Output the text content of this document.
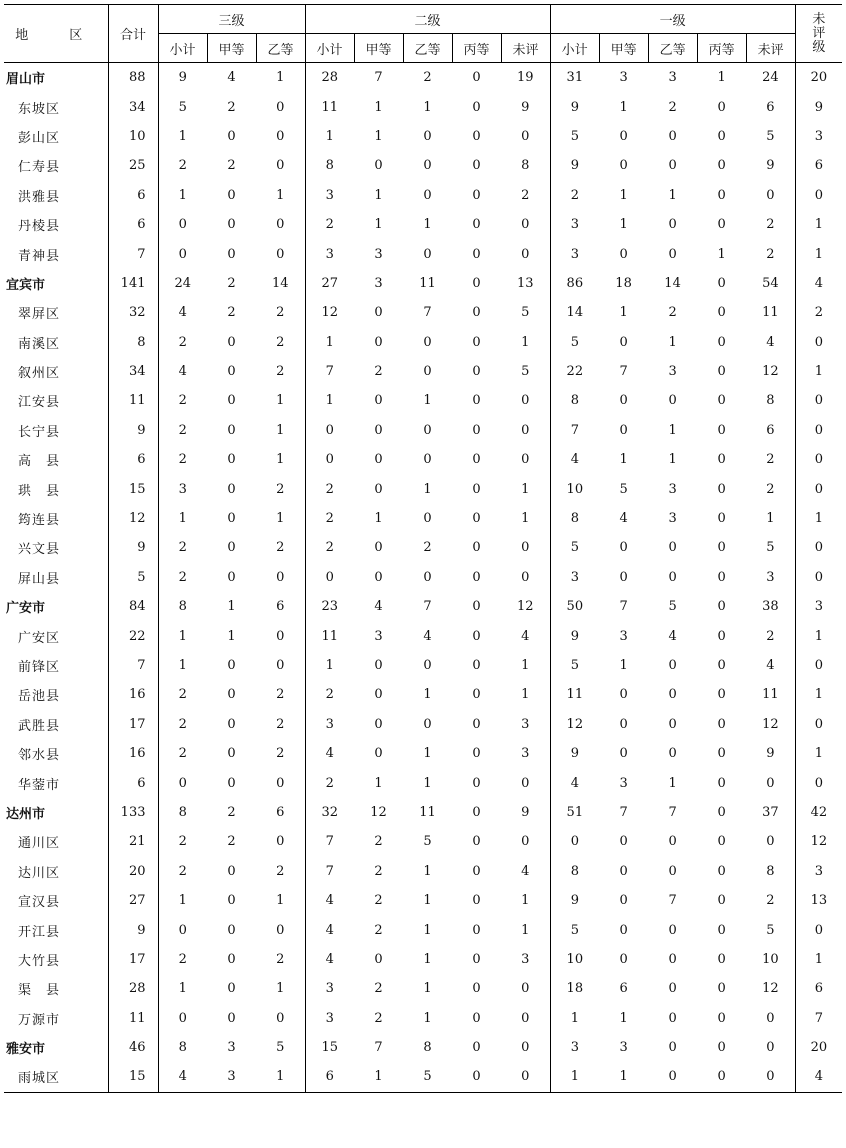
地　区	合计	三级			二级					一级					未评级
		小计	甲等	乙等	小计	甲等	乙等	丙等	未评	小计	甲等	乙等	丙等	未评	
眉山市	88	9	4	1	28	7	2	0	19	31	3	3	1	24	20
东坡区	34	5	2	0	11	1	1	0	9	9	1	2	0	6	9
彭山区	10	1	0	0	1	1	0	0	0	5	0	0	0	5	3
仁寿县	25	2	2	0	8	0	0	0	8	9	0	0	0	9	6
洪雅县	6	1	0	1	3	1	0	0	2	2	1	1	0	0	0
丹棱县	6	0	0	0	2	1	1	0	0	3	1	0	0	2	1
青神县	7	0	0	0	3	3	0	0	0	3	0	0	1	2	1
宜宾市	141	24	2	14	27	3	11	0	13	86	18	14	0	54	4
翠屏区	32	4	2	2	12	0	7	0	5	14	1	2	0	11	2
南溪区	8	2	0	2	1	0	0	0	1	5	0	1	0	4	0
叙州区	34	4	0	2	7	2	0	0	5	22	7	3	0	12	1
江安县	11	2	0	1	1	0	1	0	0	8	0	0	0	8	0
长宁县	9	2	0	1	0	0	0	0	0	7	0	1	0	6	0
高　县	6	2	0	1	0	0	0	0	0	4	1	1	0	2	0
珙　县	15	3	0	2	2	0	1	0	1	10	5	3	0	2	0
筠连县	12	1	0	1	2	1	0	0	1	8	4	3	0	1	1
兴文县	9	2	0	2	2	0	2	0	0	5	0	0	0	5	0
屏山县	5	2	0	0	0	0	0	0	0	3	0	0	0	3	0
广安市	84	8	1	6	23	4	7	0	12	50	7	5	0	38	3
广安区	22	1	1	0	11	3	4	0	4	9	3	4	0	2	1
前锋区	7	1	0	0	1	0	0	0	1	5	1	0	0	4	0
岳池县	16	2	0	2	2	0	1	0	1	11	0	0	0	11	1
武胜县	17	2	0	2	3	0	0	0	3	12	0	0	0	12	0
邻水县	16	2	0	2	4	0	1	0	3	9	0	0	0	9	1
华蓥市	6	0	0	0	2	1	1	0	0	4	3	1	0	0	0
达州市	133	8	2	6	32	12	11	0	9	51	7	7	0	37	42
通川区	21	2	2	0	7	2	5	0	0	0	0	0	0	0	12
达川区	20	2	0	2	7	2	1	0	4	8	0	0	0	8	3
宣汉县	27	1	0	1	4	2	1	0	1	9	0	7	0	2	13
开江县	9	0	0	0	4	2	1	0	1	5	0	0	0	5	0
大竹县	17	2	0	2	4	0	1	0	3	10	0	0	0	10	1
渠　县	28	1	0	1	3	2	1	0	0	18	6	0	0	12	6
万源市	11	0	0	0	3	2	1	0	0	1	1	0	0	0	7
雅安市	46	8	3	5	15	7	8	0	0	3	3	0	0	0	20
雨城区	15	4	3	1	6	1	5	0	0	1	1	0	0	0	4
